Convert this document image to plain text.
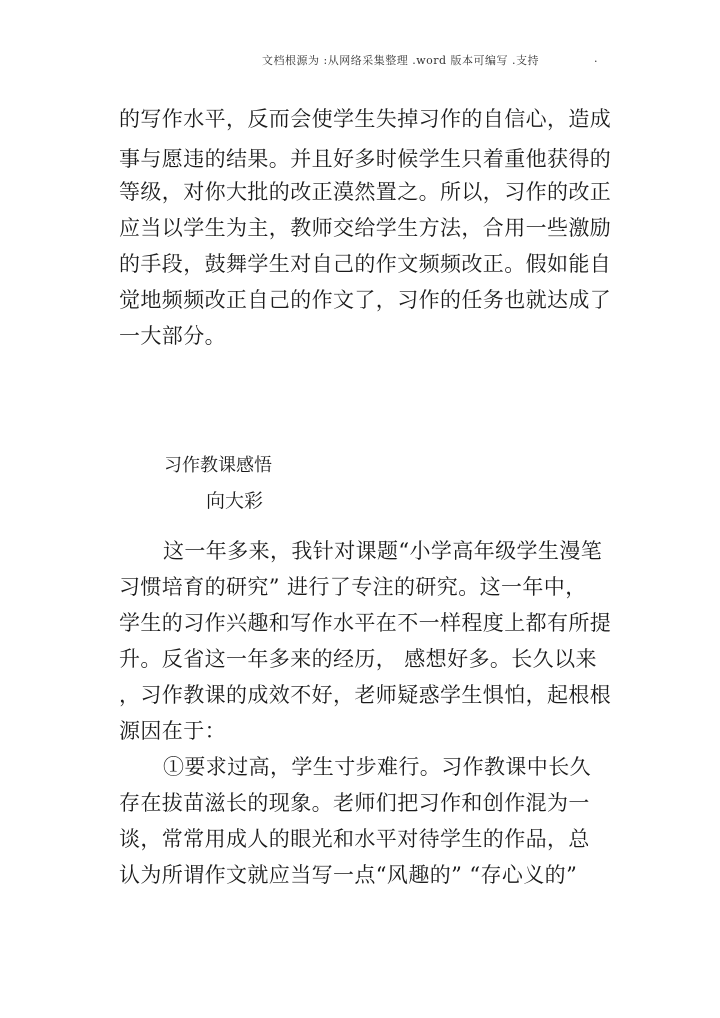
文档根源为 :从网络采集整理 .word 版本可编写 .支持	.
的写作水平，反而会使学生失掉习作的自信心，造成
事与愿违的结果。并且好多时候学生只着重他获得的
等级，对你大批的改正漠然置之。所以，习作的改正
应当以学生为主，教师交给学生方法，合用一些激励
的手段，鼓舞学生对自己的作文频频改正。假如能自
觉地频频改正自己的作文了，习作的任务也就达成了
一大部分。
习作教课感悟
向大彩
这一年多来，我针对课题“小学高年级学生漫笔
习惯培育的研究” 进行了专注的研究。这一年中，
学生的习作兴趣和写作水平在不一样程度上都有所提
升。反省这一年多来的经历， 感想好多。长久以来
，习作教课的成效不好，老师疑惑学生惧怕，起根根
源因在于：
①要求过高，学生寸步难行。习作教课中长久
存在拔苗滋长的现象。老师们把习作和创作混为一
谈，常常用成人的眼光和水平对待学生的作品，总
认为所谓作文就应当写一点“风趣的” “存心义的”
